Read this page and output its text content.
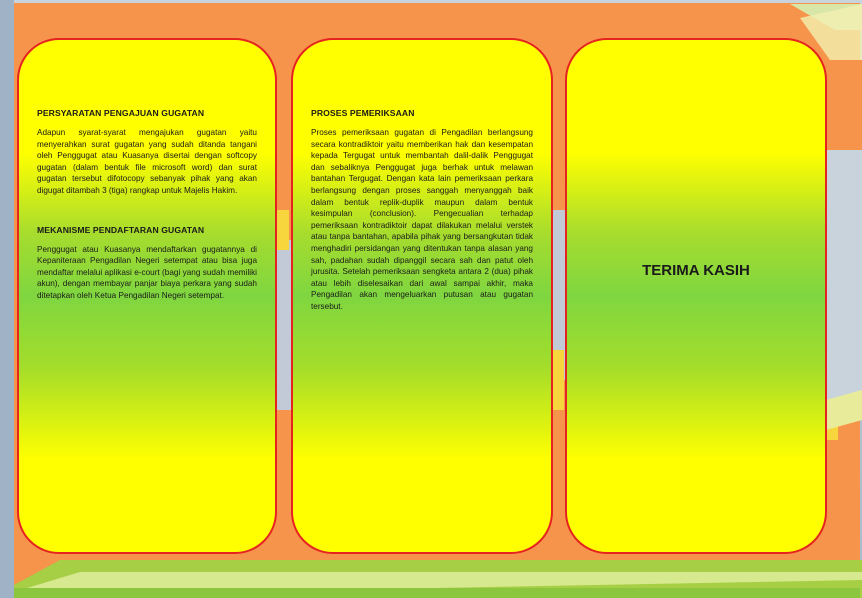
PERSYARATAN PENGAJUAN GUGATAN

Adapun syarat-syarat mengajukan gugatan yaitu menyerahkan surat gugatan yang sudah ditanda tangani oleh Penggugat atau Kuasanya disertai dengan softcopy gugatan (dalam bentuk file microsoft word) dan surat gugatan tersebut difotocopy sebanyak pihak yang akan digugat ditambah 3 (tiga) rangkap untuk Majelis Hakim.

MEKANISME PENDAFTARAN GUGATAN

Penggugat atau Kuasanya mendaftarkan gugatannya di Kepaniteraan Pengadilan Negeri setempat atau bisa juga mendaftar melalui aplikasi e-court (bagi yang sudah memiliki akun), dengan membayar panjar biaya perkara yang sudah ditetapkan oleh Ketua Pengadilan Negeri setempat.

PROSES PEMERIKSAAN

Proses pemeriksaan gugatan di Pengadilan berlangsung secara kontradiktoir yaitu memberikan hak dan kesempatan kepada Tergugat untuk membantah dalil-dalik Penggugat dan sebaliknya Penggugat juga berhak untuk melawan bantahan Tergugat. Dengan kata lain pemeriksaan perkara berlangsung dengan proses sanggah menyanggah baik dalam bentuk replik-duplik maupun dalam bentuk kesimpulan (conclusion). Pengecualian terhadap pemeriksaan kontradiktoir dapat dilakukan melalui verstek atau tanpa bantahan, apabila pihak yang bersangkutan tidak menghadiri persidangan yang ditentukan tanpa alasan yang sah, padahan sudah dipanggil secara sah dan patut oleh jurusita. Setelah pemeriksaan sengketa antara 2 (dua) pihak atau lebih diselesaikan dari awal sampai akhir, maka Pengadilan akan mengeluarkan putusan atau gugatan tersebut.

TERIMA KASIH
